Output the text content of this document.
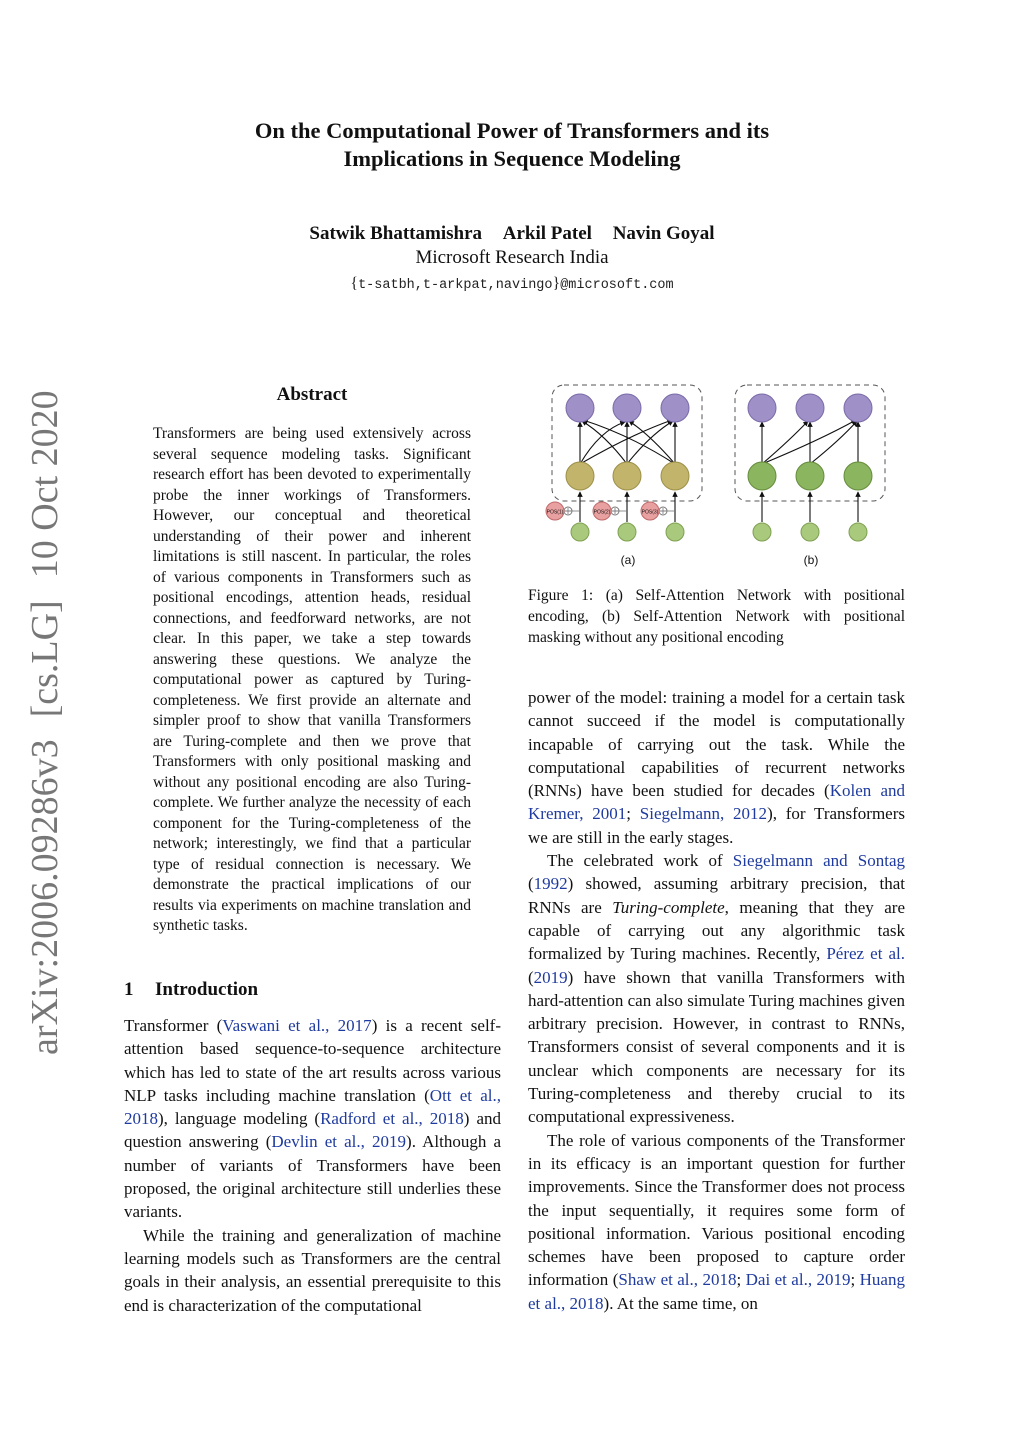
On the Computational Power of Transformers and its
Implications in Sequence Modeling
Satwik Bhattamishra Arkil Patel Navin Goyal
Microsoft Research India
{t-satbh,t-arkpat,navingo}@microsoft.com
arXiv:2006.09286v3[cs.LG]10 Oct 2020	Abstract
Transformers are being used extensively across several sequence modeling tasks. Significant research effort has been devoted to experimentally probe the inner workings of Transformers. However, our conceptual and theoretical understanding of their power and inherent limitations is still nascent. In particular, the roles of various components in Transformers such as positional encodings, attention heads, residual connections, and feedforward networks, are not clear. In this paper, we take a step towards answering these questions. We analyze the computational power as captured by Turing-completeness. We first provide an alternate and simpler proof to show that vanilla Transformers are Turing-complete and then we prove that Transformers with only positional masking and without any positional encoding are also Turing-complete. We further analyze the necessity of each component for the Turing-completeness of the network; interestingly, we find that a particular type of residual connection is necessary. We demonstrate the practical implications of our results via experiments on machine translation and synthetic tasks.
1 Introduction

Transformer (Vaswani et al., 2017) is a recent self-attention based sequence-to-sequence architecture which has led to state of the art results across various NLP tasks including machine translation (Ott et al., 2018), language modeling (Radford et al., 2018) and question answering (Devlin et al., 2019). Although a number of variants of Transformers have been proposed, the original architecture still underlies these variants.

While the training and generalization of machine learning models such as Transformers are the central goals in their analysis, an essential prerequisite to this end is characterization of the computational

POS(1)	POS(2)	POS(3)
(a)	(b)
Figure 1: (a) Self-Attention Network with positional encoding, (b) Self-Attention Network with positional masking without any positional encoding

power of the model: training a model for a certain task cannot succeed if the model is computationally incapable of carrying out the task. While the computational capabilities of recurrent networks (RNNs) have been studied for decades (Kolen and Kremer, 2001; Siegelmann, 2012), for Transformers we are still in the early stages.

The celebrated work of Siegelmann and Sontag (1992) showed, assuming arbitrary precision, that RNNs are Turing-complete, meaning that they are capable of carrying out any algorithmic task formalized by Turing machines. Recently, Pérez et al. (2019) have shown that vanilla Transformers with hard-attention can also simulate Turing machines given arbitrary precision. However, in contrast to RNNs, Transformers consist of several components and it is unclear which components are necessary for its Turing-completeness and thereby crucial to its computational expressiveness.

The role of various components of the Transformer in its efficacy is an important question for further improvements. Since the Transformer does not process the input sequentially, it requires some form of positional information. Various positional encoding schemes have been proposed to capture order information (Shaw et al., 2018; Dai et al., 2019; Huang et al., 2018). At the same time, on
